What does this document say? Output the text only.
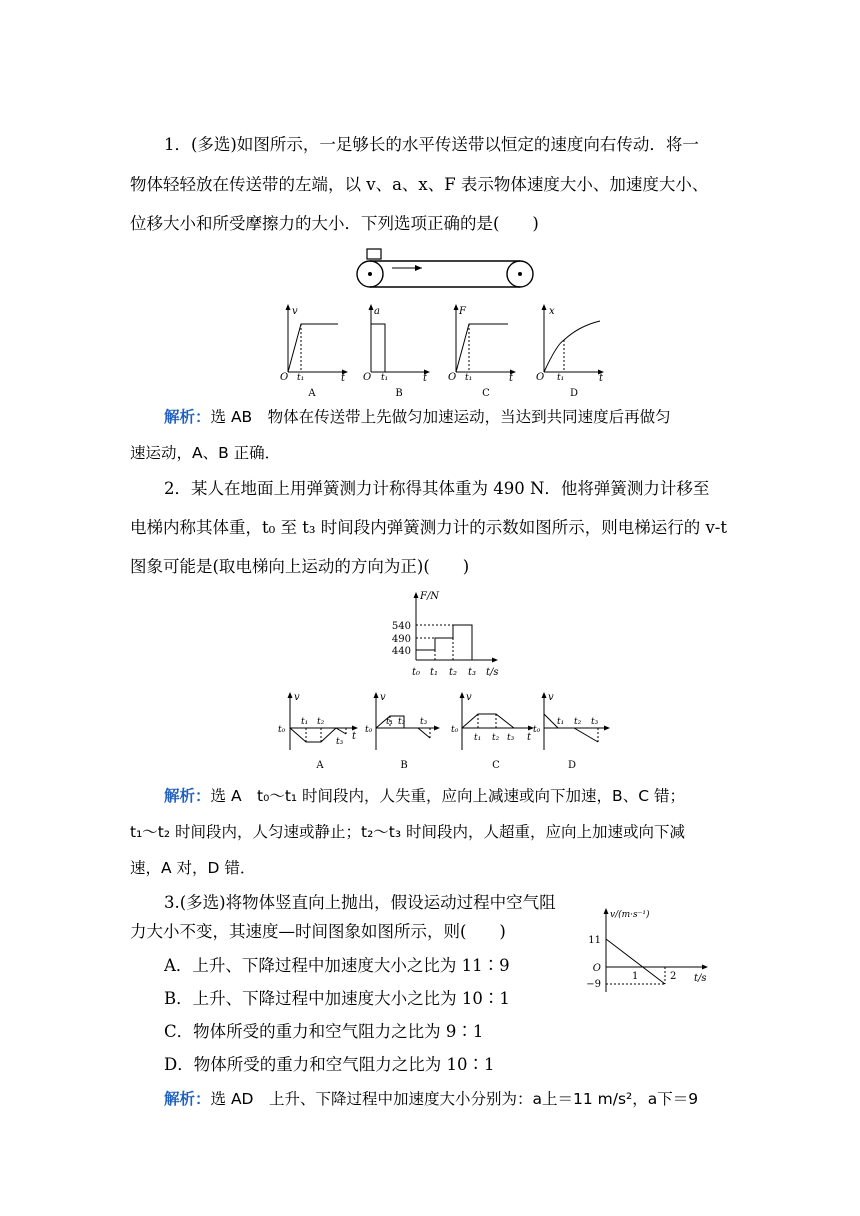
1．(多选)如图所示，一足够长的水平传送带以恒定的速度向右传动．将一
物体轻轻放在传送带的左端，以 v、a、x、F 表示物体速度大小、加速度大小、
位移大小和所受摩擦力的大小．下列选项正确的是(　　)
O
v
t₁	t
A
O
a
t₁	t
B
O
F
t₁	t
C
O
x
t₁	t
D
解析：选 AB　物体在传送带上先做匀加速运动，当达到共同速度后再做匀
速运动，A、B 正确．
2．某人在地面上用弹簧测力计称得其体重为 490 N．他将弹簧测力计移至
电梯内称其体重，t₀ 至 t₃ 时间段内弹簧测力计的示数如图所示，则电梯运行的 v-t
图象可能是(取电梯向上运动的方向为正)(　　)
F/N
540
490
440
t₀ t₁ t₂ t₃ t/s
v
t₀
t₁ t₂
t₃ t
A
v
t₀
t₁ t₂ t₃
B
v
t₀
t₁ t₂ t₃ t
C
v
t₀
t₁ t₂ t₃
D
解析：选 A　t₀～t₁ 时间段内，人失重，应向上减速或向下加速，B、C 错；
t₁～t₂ 时间段内，人匀速或静止；t₂～t₃ 时间段内，人超重，应向上加速或向下减
速，A 对，D 错．
3.(多选)将物体竖直向上抛出，假设运动过程中空气阻
力大小不变，其速度—时间图象如图所示，则(　　)
A．上升、下降过程中加速度大小之比为 11∶9
B．上升、下降过程中加速度大小之比为 10∶1
C．物体所受的重力和空气阻力之比为 9∶1
D．物体所受的重力和空气阻力之比为 10∶1
v/(m·s⁻¹)
11
O
−9
1	2 t/s
解析：选 AD　上升、下降过程中加速度大小分别为：a上＝11 m/s²，a下＝9
